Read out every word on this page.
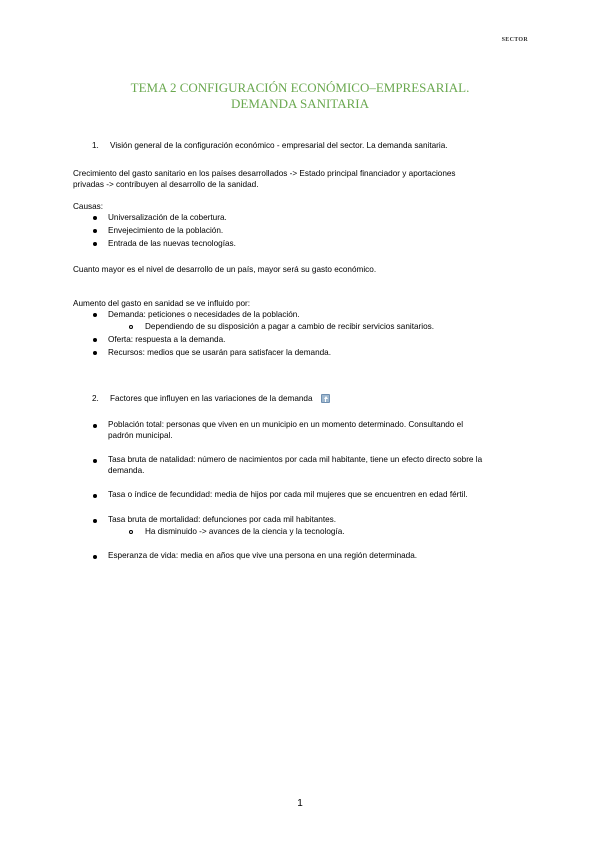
SECTOR
TEMA 2 CONFIGURACIÓN ECONÓMICO–EMPRESARIAL.
DEMANDA SANITARIA
1. Visión general de la configuración económico - empresarial del sector. La demanda sanitaria.
Crecimiento del gasto sanitario en los países desarrollados -> Estado principal financiador y aportaciones
privadas -> contribuyen al desarrollo de la sanidad.
Causas:
Universalización de la cobertura.
Envejecimiento de la población.
Entrada de las nuevas tecnologías.
Cuanto mayor es el nivel de desarrollo de un país, mayor será su gasto económico.
Aumento del gasto en sanidad se ve influido por:
Demanda: peticiones o necesidades de la población.
Dependiendo de su disposición a pagar a cambio de recibir servicios sanitarios.
Oferta: respuesta a la demanda.
Recursos: medios que se usarán para satisfacer la demanda.
2. Factores que influyen en las variaciones de la demanda
Población total: personas que viven en un municipio en un momento determinado. Consultando el
padrón municipal.
Tasa bruta de natalidad: número de nacimientos por cada mil habitante, tiene un efecto directo sobre la
demanda.
Tasa o índice de fecundidad: media de hijos por cada mil mujeres que se encuentren en edad fértil.
Tasa bruta de mortalidad: defunciones por cada mil habitantes.
Ha disminuido -> avances de la ciencia y la tecnología.
Esperanza de vida: media en años que vive una persona en una región determinada.
1
